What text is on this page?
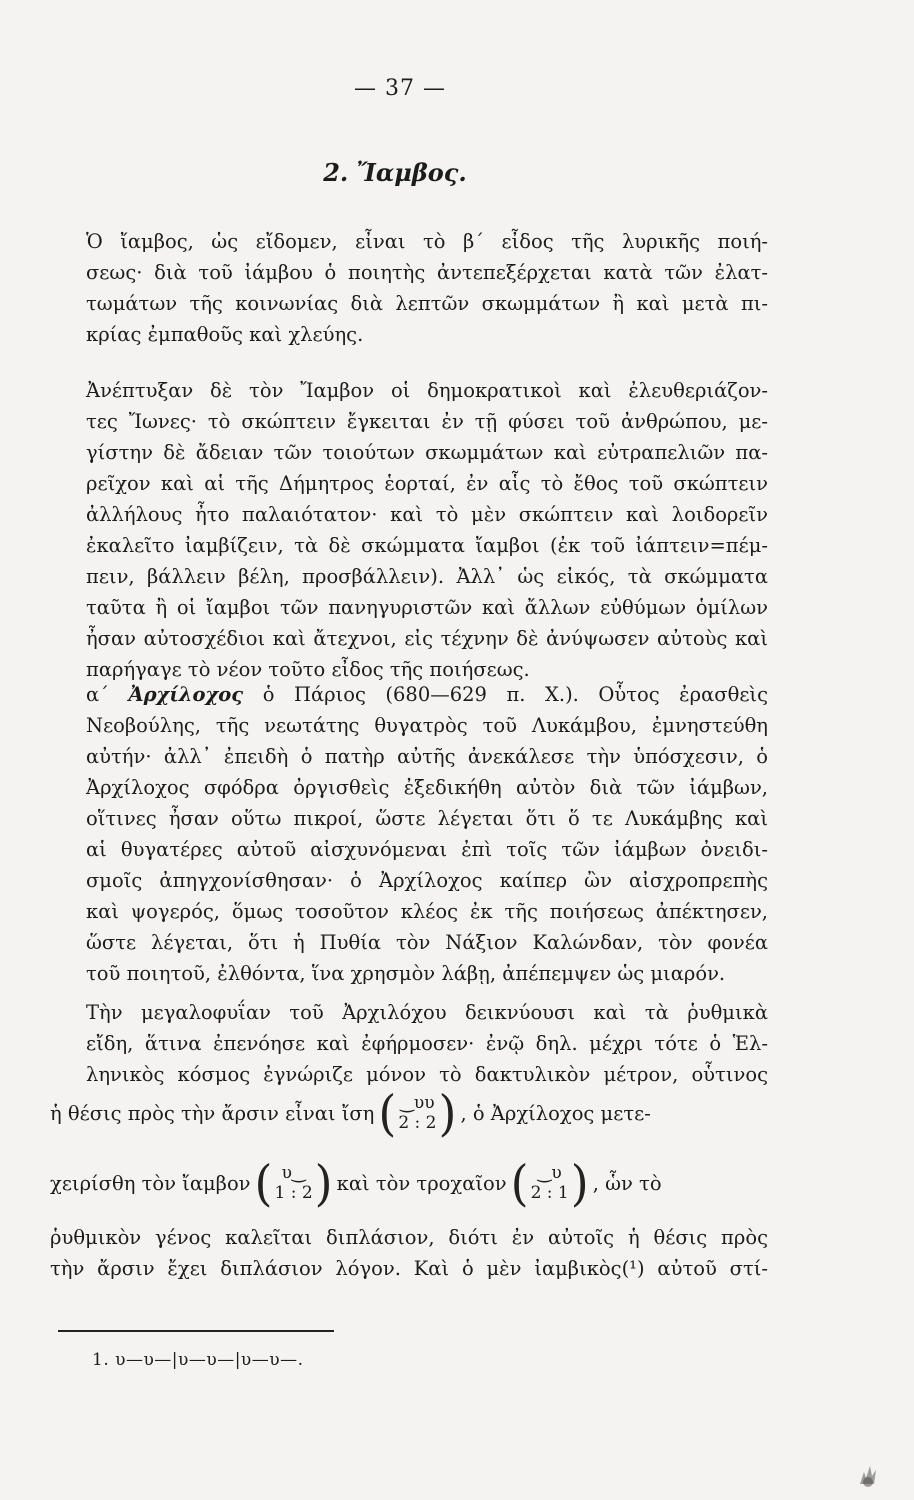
— 37 —
2. Ἴαμβος.
Ὁ ἴαμβος, ὡς εἴδομεν, εἶναι τὸ β΄ εἶδος τῆς λυρικῆς ποιή-
σεως· διὰ τοῦ ἰάμβου ὁ ποιητὴς ἀντεπεξέρχεται κατὰ τῶν ἐλατ-
τωμάτων τῆς κοινωνίας διὰ λεπτῶν σκωμμάτων ἢ καὶ μετὰ πι-
κρίας ἐμπαθοῦς καὶ χλεύης.
Ἀνέπτυξαν δὲ τὸν Ἴαμβον οἱ δημοκρατικοὶ καὶ ἐλευθεριάζον-
τες Ἴωνες· τὸ σκώπτειν ἔγκειται ἐν τῇ φύσει τοῦ ἀνθρώπου, με-
γίστην δὲ ἄδειαν τῶν τοιούτων σκωμμάτων καὶ εὐτραπελιῶν πα-
ρεῖχον καὶ αἱ τῆς Δήμητρος ἑορταί, ἐν αἷς τὸ ἔθος τοῦ σκώπτειν
ἀλλήλους ἦτο παλαιότατον· καὶ τὸ μὲν σκώπτειν καὶ λοιδορεῖν
ἐκαλεῖτο ἰαμβίζειν, τὰ δὲ σκώμματα ἴαμβοι (ἐκ τοῦ ἰάπτειν=πέμ-
πειν, βάλλειν βέλη, προσβάλλειν). Ἀλλ᾽ ὡς εἰκός, τὰ σκώμματα
ταῦτα ἢ οἱ ἴαμβοι τῶν πανηγυριστῶν καὶ ἄλλων εὐθύμων ὁμίλων
ἦσαν αὐτοσχέδιοι καὶ ἄτεχνοι, εἰς τέχνην δὲ ἀνύψωσεν αὐτοὺς καὶ
παρήγαγε τὸ νέον τοῦτο εἶδος τῆς ποιήσεως.
α΄ Ἀρχίλοχος ὁ Πάριος (680—629 π. Χ.). Οὗτος ἐρασθεὶς
Νεοβούλης, τῆς νεωτάτης θυγατρὸς τοῦ Λυκάμβου, ἐμνηστεύθη
αὐτήν· ἀλλ᾽ ἐπειδὴ ὁ πατὴρ αὐτῆς ἀνεκάλεσε τὴν ὑπόσχεσιν, ὁ
Ἀρχίλοχος σφόδρα ὀργισθεὶς ἐξεδικήθη αὐτὸν διὰ τῶν ἰάμβων,
οἵτινες ἦσαν οὕτω πικροί, ὥστε λέγεται ὅτι ὅ τε Λυκάμβης καὶ
αἱ θυγατέρες αὐτοῦ αἰσχυνόμεναι ἐπὶ τοῖς τῶν ἰάμβων ὀνειδι-
σμοῖς ἀπηγχονίσθησαν· ὁ Ἀρχίλοχος καίπερ ὢν αἰσχροπρεπὴς
καὶ ψογερός, ὅμως τοσοῦτον κλέος ἐκ τῆς ποιήσεως ἀπέκτησεν,
ὥστε λέγεται, ὅτι ἡ Πυθία τὸν Νάξιον Καλώνδαν, τὸν φονέα
τοῦ ποιητοῦ, ἐλθόντα, ἵνα χρησμὸν λάβῃ, ἀπέπεμψεν ὡς μιαρόν.
Τὴν μεγαλοφυΐαν τοῦ Ἀρχιλόχου δεικνύουσι καὶ τὰ ῥυθμικὰ
εἴδη, ἅτινα ἐπενόησε καὶ ἐφήρμοσεν· ἐνῷ δηλ. μέχρι τότε ὁ Ἑλ-
ληνικὸς κόσμος ἐγνώριζε μόνον τὸ δακτυλικὸν μέτρον, οὗτινος
ἡ θέσις πρὸς τὴν ἄρσιν εἶναι ἴση ( ‿υυ
2 : 2 ) , ὁ Ἀρχίλοχος μετε-
χειρίσθη τὸν ἴαμβον ( υ‿
1 : 2 ) καὶ τὸν τροχαῖον ( ‿υ
2 : 1 ) , ὧν τὸ
ῥυθμικὸν γένος καλεῖται διπλάσιον, διότι ἐν αὐτοῖς ἡ θέσις πρὸς
τὴν ἄρσιν ἔχει διπλάσιον λόγον. Καὶ ὁ μὲν ἰαμβικὸς(¹) αὐτοῦ στί-
1. υ—υ—|υ—υ—|υ—υ—.
